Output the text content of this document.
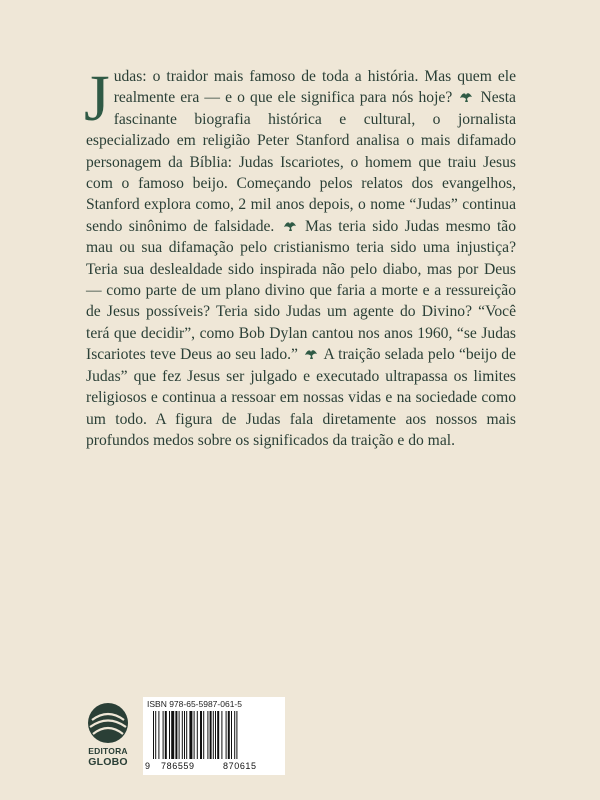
Judas: o traidor mais famoso de toda a história. Mas quem ele realmente era — e o que ele significa para nós hoje? Nesta fascinante biografia histórica e cultural, o jornalista especializado em religião Peter Stanford analisa o mais difamado personagem da Bíblia: Judas Iscariotes, o homem que traiu Jesus com o famoso beijo. Começando pelos relatos dos evangelhos, Stanford explora como, 2 mil anos depois, o nome “Judas” continua sendo sinônimo de falsidade. Mas teria sido Judas mesmo tão mau ou sua difamação pelo cristianismo teria sido uma injustiça? Teria sua deslealdade sido inspirada não pelo diabo, mas por Deus — como parte de um plano divino que faria a morte e a ressureição de Jesus possíveis? Teria sido Judas um agente do Divino? “Você terá que decidir”, como Bob Dylan cantou nos anos 1960, “se Judas Iscariotes teve Deus ao seu lado.” A traição selada pelo “beijo de Judas” que fez Jesus ser julgado e executado ultrapassa os limites religiosos e continua a ressoar em nossas vidas e na sociedade como um todo. A figura de Judas fala diretamente aos nossos mais profundos medos sobre os significados da traição e do mal.
EDITORA
GLOBO
ISBN 978-65-5987-061-5
9 786559	870615
